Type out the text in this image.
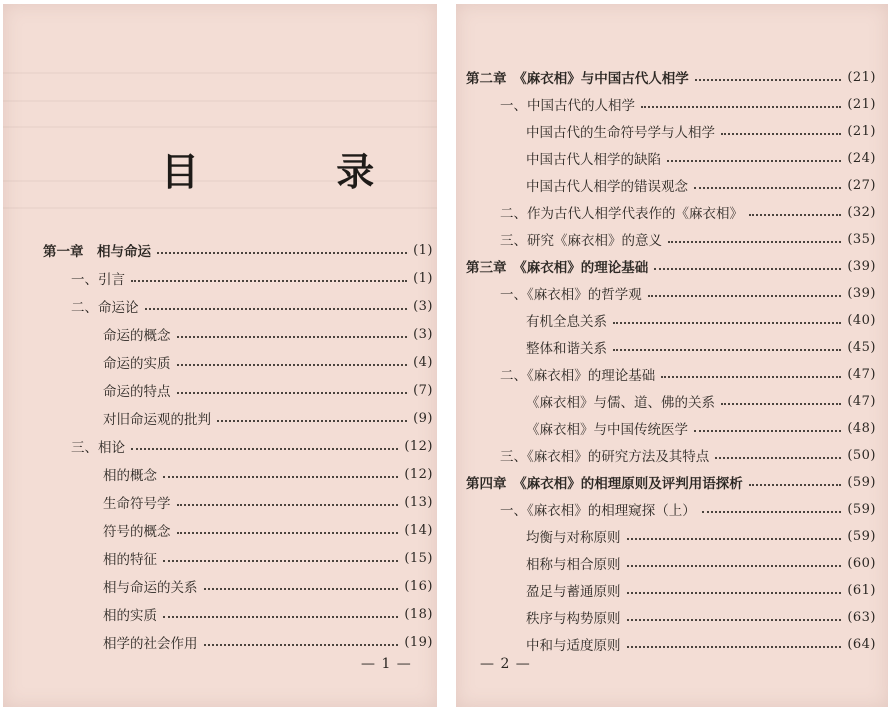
目 录
第一章　相与命运	(1)
一、引言	(1)
二、命运论	(3)
命运的概念	(3)
命运的实质	(4)
命运的特点	(7)
对旧命运观的批判	(9)
三、相论	(12)
相的概念	(12)
生命符号学	(13)
符号的概念	(14)
相的特征	(15)
相与命运的关系	(16)
相的实质	(18)
相学的社会作用	(19)
— 1 —
第二章　《麻衣相》与中国古代人相学	(21)
一、中国古代的人相学	(21)
中国古代的生命符号学与人相学	(21)
中国古代人相学的缺陷	(24)
中国古代人相学的错误观念	(27)
二、作为古代人相学代表作的《麻衣相》	(32)
三、研究《麻衣相》的意义	(35)
第三章　《麻衣相》的理论基础	(39)
一、《麻衣相》的哲学观	(39)
有机全息关系	(40)
整体和谐关系	(45)
二、《麻衣相》的理论基础	(47)
《麻衣相》与儒、道、佛的关系	(47)
《麻衣相》与中国传统医学	(48)
三、《麻衣相》的研究方法及其特点	(50)
第四章　《麻衣相》的相理原则及评判用语探析	(59)
一、《麻衣相》的相理窥探（上）	(59)
均衡与对称原则	(59)
相称与相合原则	(60)
盈足与蓄通原则	(61)
秩序与构势原则	(63)
中和与适度原则	(64)
— 2 —
